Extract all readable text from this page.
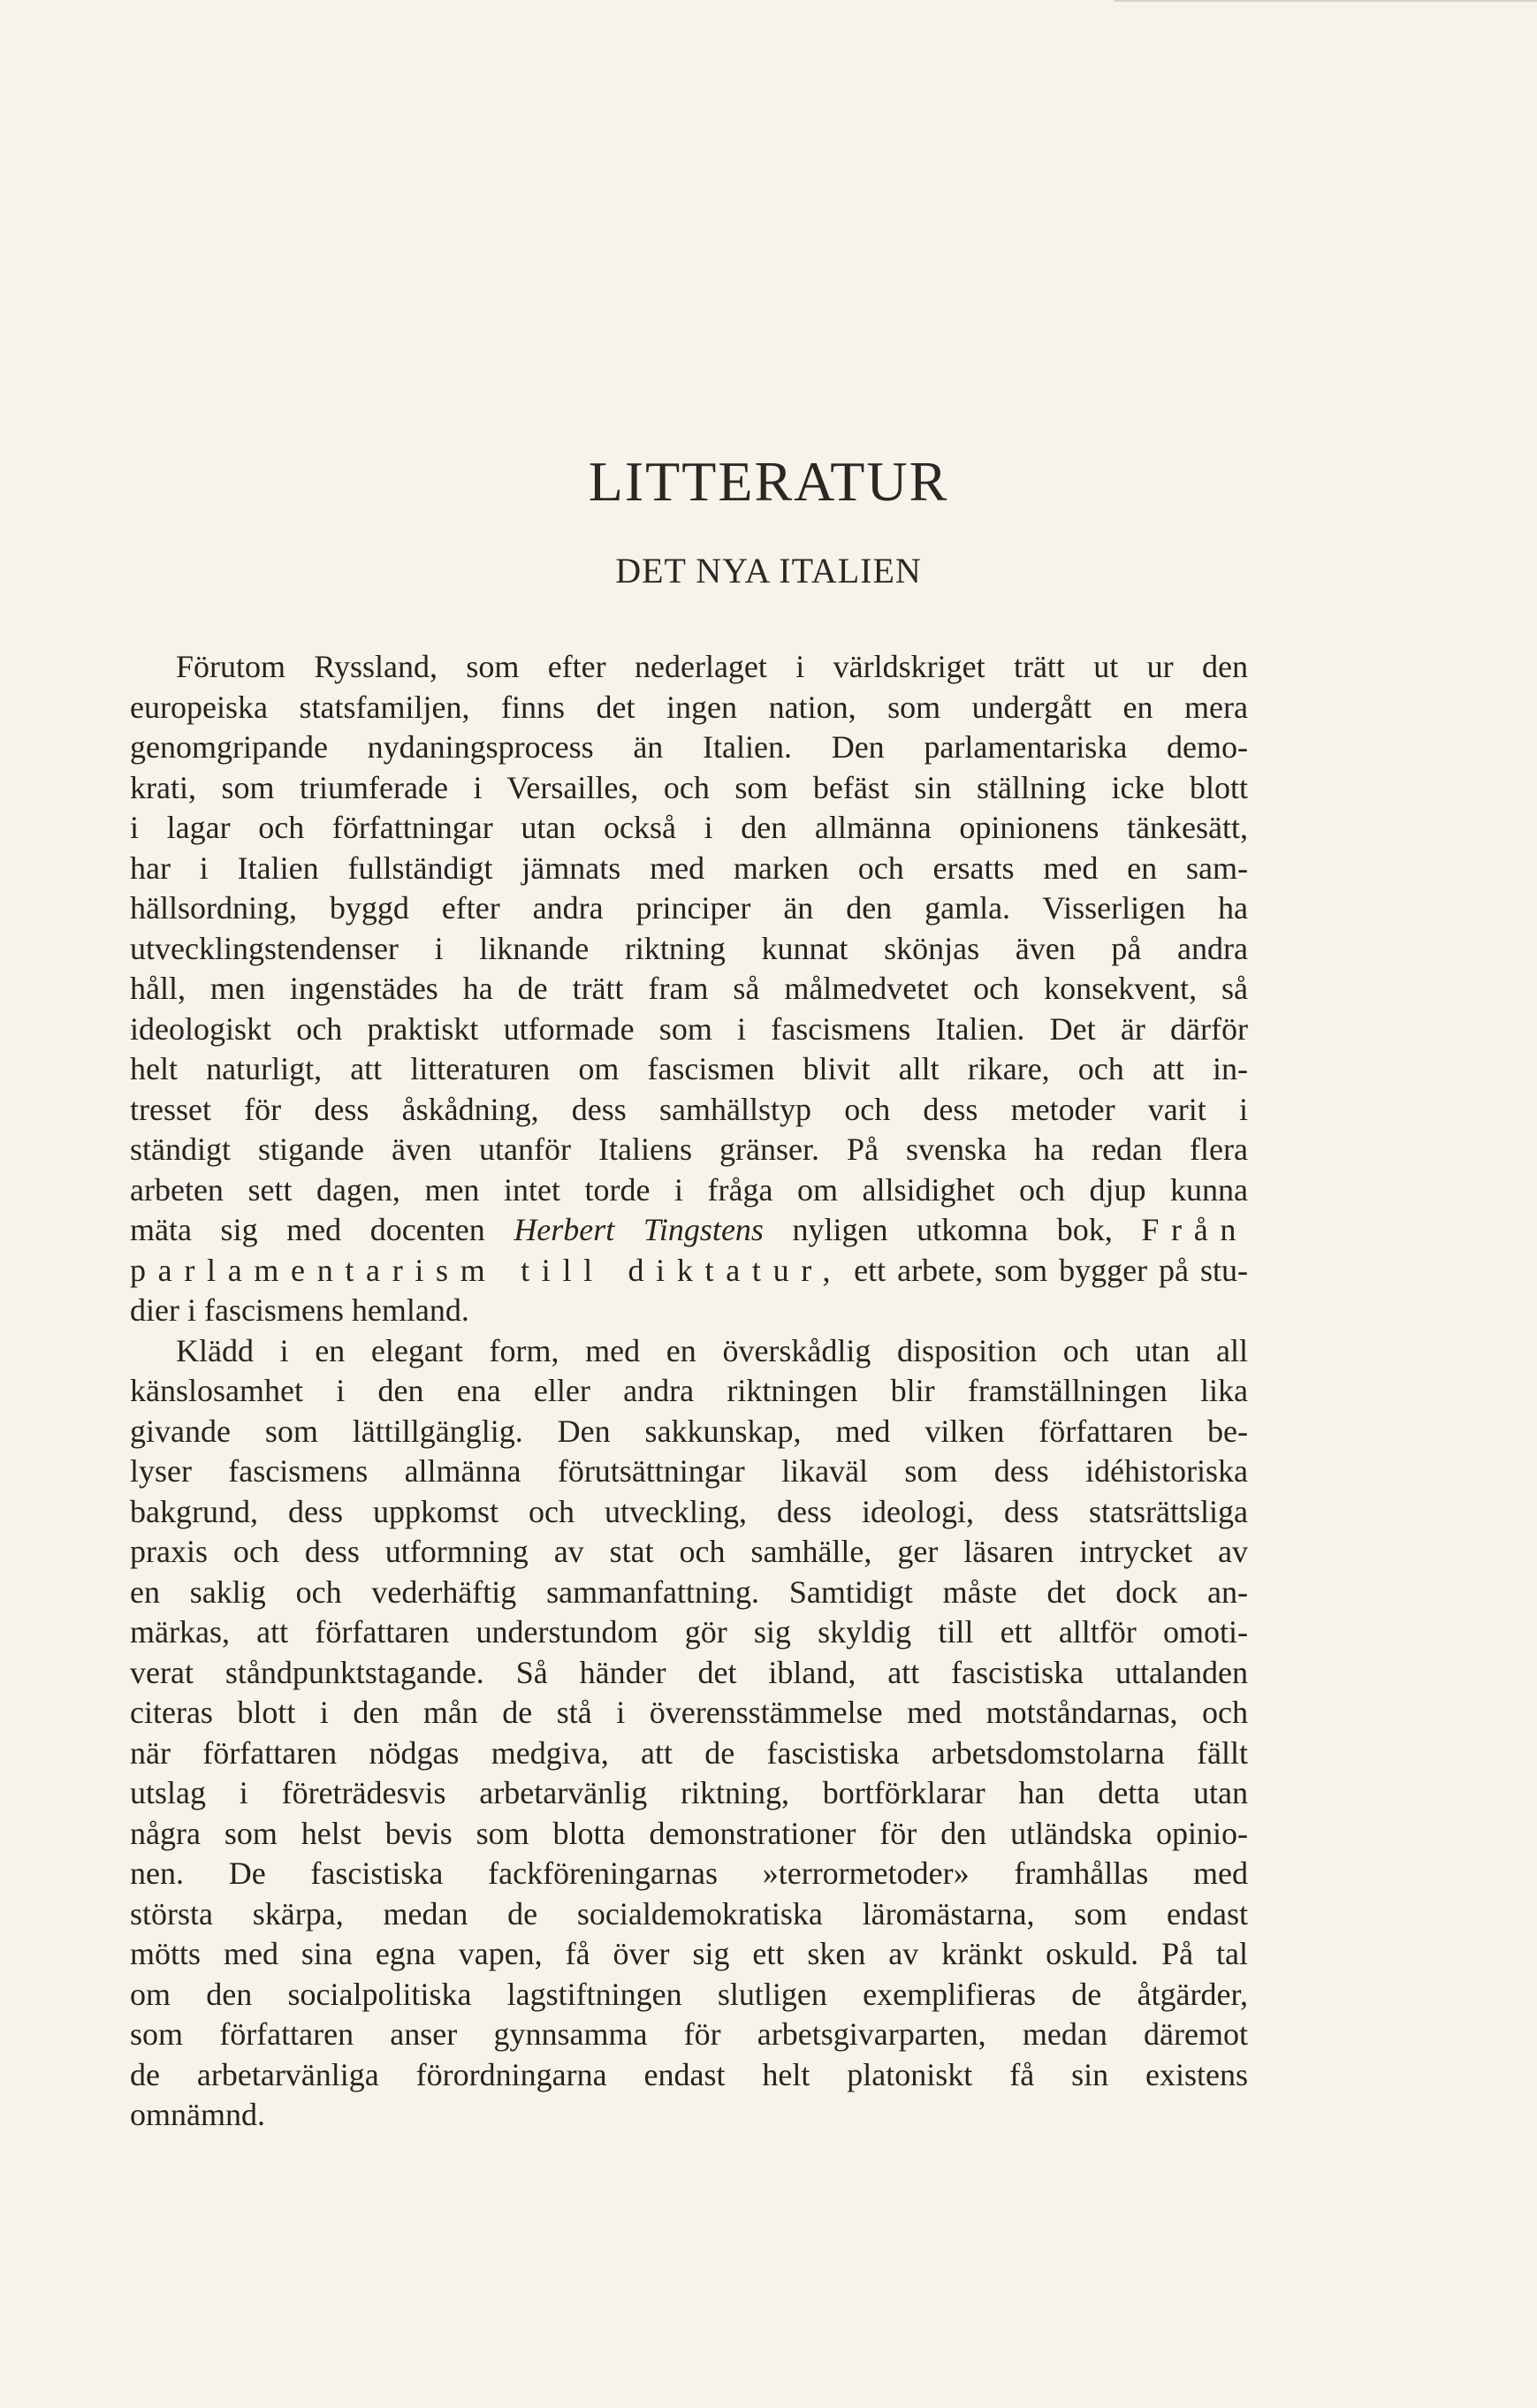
LITTERATUR
DET NYA ITALIEN
Förutom Ryssland, som efter nederlaget i världskriget trätt ut ur den
europeiska statsfamiljen, finns det ingen nation, som undergått en mera
genomgripande nydaningsprocess än Italien. Den parlamentariska demo-
krati, som triumferade i Versailles, och som befäst sin ställning icke blott
i lagar och författningar utan också i den allmänna opinionens tänkesätt,
har i Italien fullständigt jämnats med marken och ersatts med en sam-
hällsordning, byggd efter andra principer än den gamla. Visserligen ha
utvecklingstendenser i liknande riktning kunnat skönjas även på andra
håll, men ingenstädes ha de trätt fram så målmedvetet och konsekvent, så
ideologiskt och praktiskt utformade som i fascismens Italien. Det är därför
helt naturligt, att litteraturen om fascismen blivit allt rikare, och att in-
tresset för dess åskådning, dess samhällstyp och dess metoder varit i
ständigt stigande även utanför Italiens gränser. På svenska ha redan flera
arbeten sett dagen, men intet torde i fråga om allsidighet och djup kunna
mäta sig med docenten Herbert Tingstens nyligen utkomna bok, Från
parlamentarism till diktatur, ett arbete, som bygger på stu-
dier i fascismens hemland.
Klädd i en elegant form, med en överskådlig disposition och utan all
känslosamhet i den ena eller andra riktningen blir framställningen lika
givande som lättillgänglig. Den sakkunskap, med vilken författaren be-
lyser fascismens allmänna förutsättningar likaväl som dess idéhistoriska
bakgrund, dess uppkomst och utveckling, dess ideologi, dess statsrättsliga
praxis och dess utformning av stat och samhälle, ger läsaren intrycket av
en saklig och vederhäftig sammanfattning. Samtidigt måste det dock an-
märkas, att författaren understundom gör sig skyldig till ett alltför omoti-
verat ståndpunktstagande. Så händer det ibland, att fascistiska uttalanden
citeras blott i den mån de stå i överensstämmelse med motståndarnas, och
när författaren nödgas medgiva, att de fascistiska arbetsdomstolarna fällt
utslag i företrädesvis arbetarvänlig riktning, bortförklarar han detta utan
några som helst bevis som blotta demonstrationer för den utländska opinio-
nen. De fascistiska fackföreningarnas »terrormetoder» framhållas med
största skärpa, medan de socialdemokratiska läromästarna, som endast
mötts med sina egna vapen, få över sig ett sken av kränkt oskuld. På tal
om den socialpolitiska lagstiftningen slutligen exemplifieras de åtgärder,
som författaren anser gynnsamma för arbetsgivarparten, medan däremot
de arbetarvänliga förordningarna endast helt platoniskt få sin existens
omnämnd.
